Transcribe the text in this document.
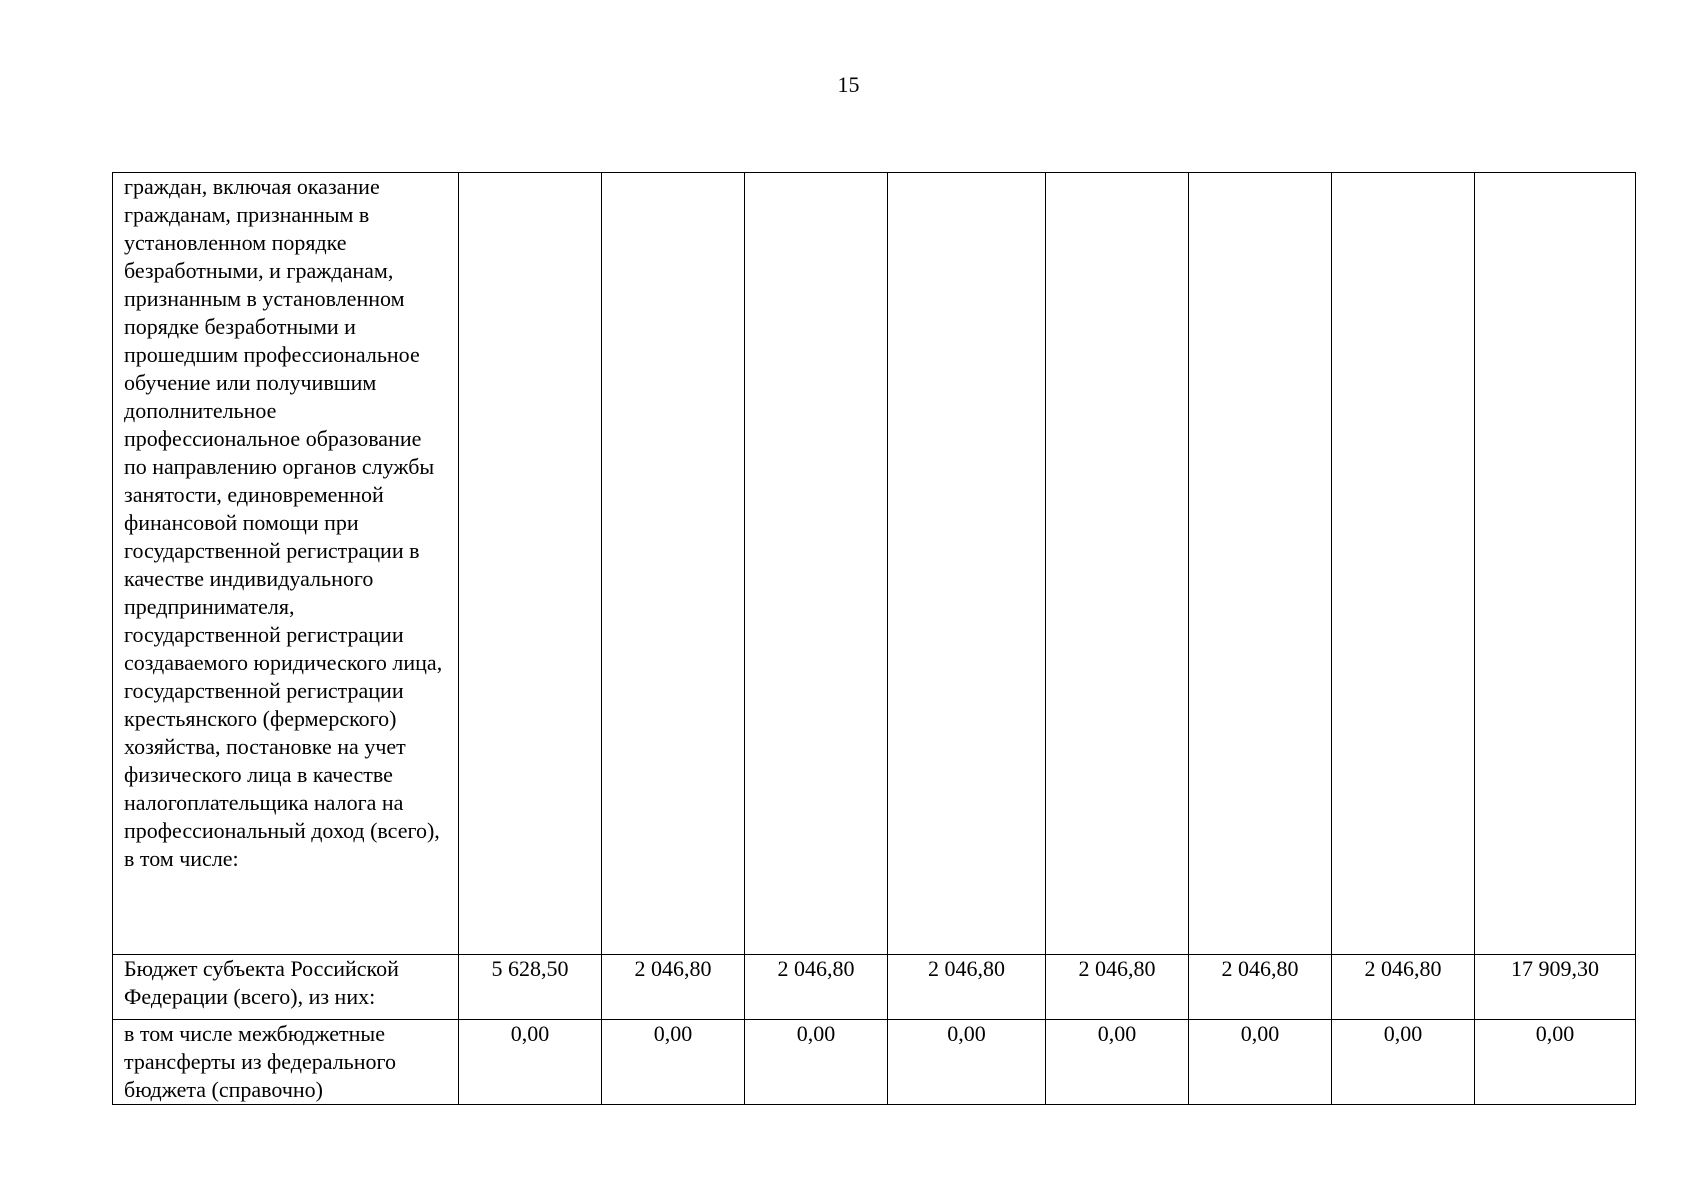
15
граждан, включая оказание гражданам, признанным в установленном порядке безработными, и гражданам, признанным в установленном порядке безработными и прошедшим профессиональное обучение или получившим дополнительное профессиональное образование по направлению органов службы занятости, единовременной финансовой помощи при государственной регистрации в качестве индивидуального предпринимателя, государственной регистрации создаваемого юридического лица, государственной регистрации крестьянского (фермерского) хозяйства, постановке на учет физического лица в качестве налогоплательщика налога на профессиональный доход (всего), в том числе:								
Бюджет субъекта Российской Федерации (всего), из них:	5 628,50	2 046,80	2 046,80	2 046,80	2 046,80	2 046,80	2 046,80	17 909,30
в том числе межбюджетные трансферты из федерального бюджета (справочно)	0,00	0,00	0,00	0,00	0,00	0,00	0,00	0,00
